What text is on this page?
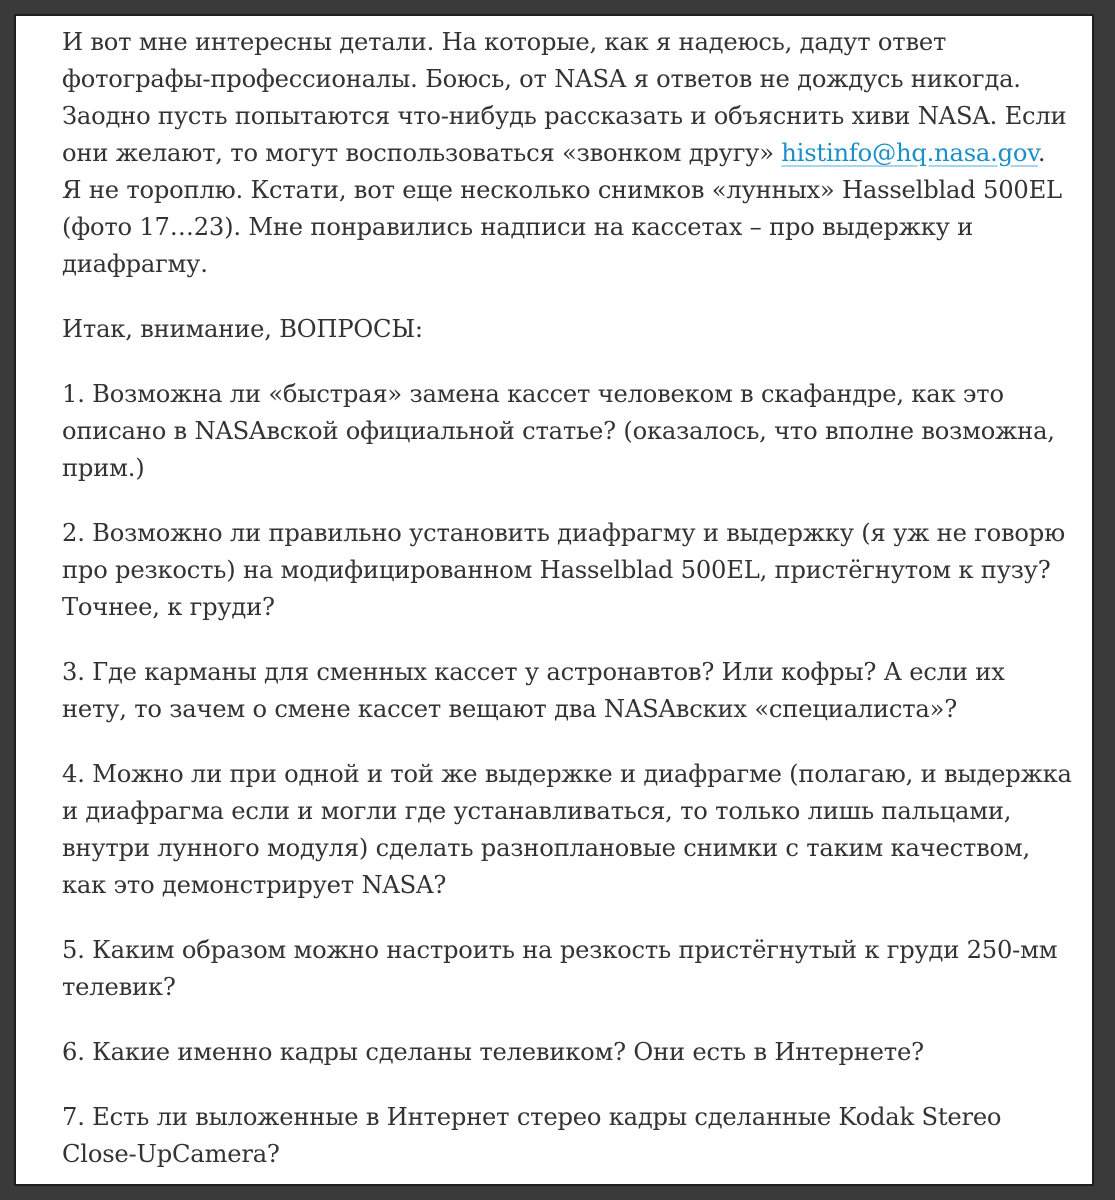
И вот мне интересны детали. На которые, как я надеюсь, дадут ответ фотографы-профессионалы. Боюсь, от NASA я ответов не дождусь никогда. Заодно пусть попытаются что-нибудь рассказать и объяснить хиви NASA. Если они желают, то могут воспользоваться «звонком другу» histinfo@hq.nasa.gov. Я не тороплю. Кстати, вот еще несколько снимков «лунных» Hasselblad 500EL (фото 17…23). Мне понравились надписи на кассетах – про выдержку и диафрагму.

Итак, внимание, ВОПРОСЫ:

1. Возможна ли «быстрая» замена кассет человеком в скафандре, как это описано в NASAвской официальной статье? (оказалось, что вполне возможна, прим.)

2. Возможно ли правильно установить диафрагму и выдержку (я уж не говорю про резкость) на модифицированном Hasselblad 500EL, пристёгнутом к пузу? Точнее, к груди?

3. Где карманы для сменных кассет у астронавтов? Или кофры? А если их нету, то зачем о смене кассет вещают два NASAвских «специалиста»?

4. Можно ли при одной и той же выдержке и диафрагме (полагаю, и выдержка и диафрагма если и могли где устанавливаться, то только лишь пальцами, внутри лунного модуля) сделать разноплановые снимки с таким качеством, как это демонстрирует NASA?

5. Каким образом можно настроить на резкость пристёгнутый к груди 250-мм телевик?

6. Какие именно кадры сделаны телевиком? Они есть в Интернете?

7. Есть ли выложенные в Интернет стерео кадры сделанные Kodak Stereo Close-UpCamera?
